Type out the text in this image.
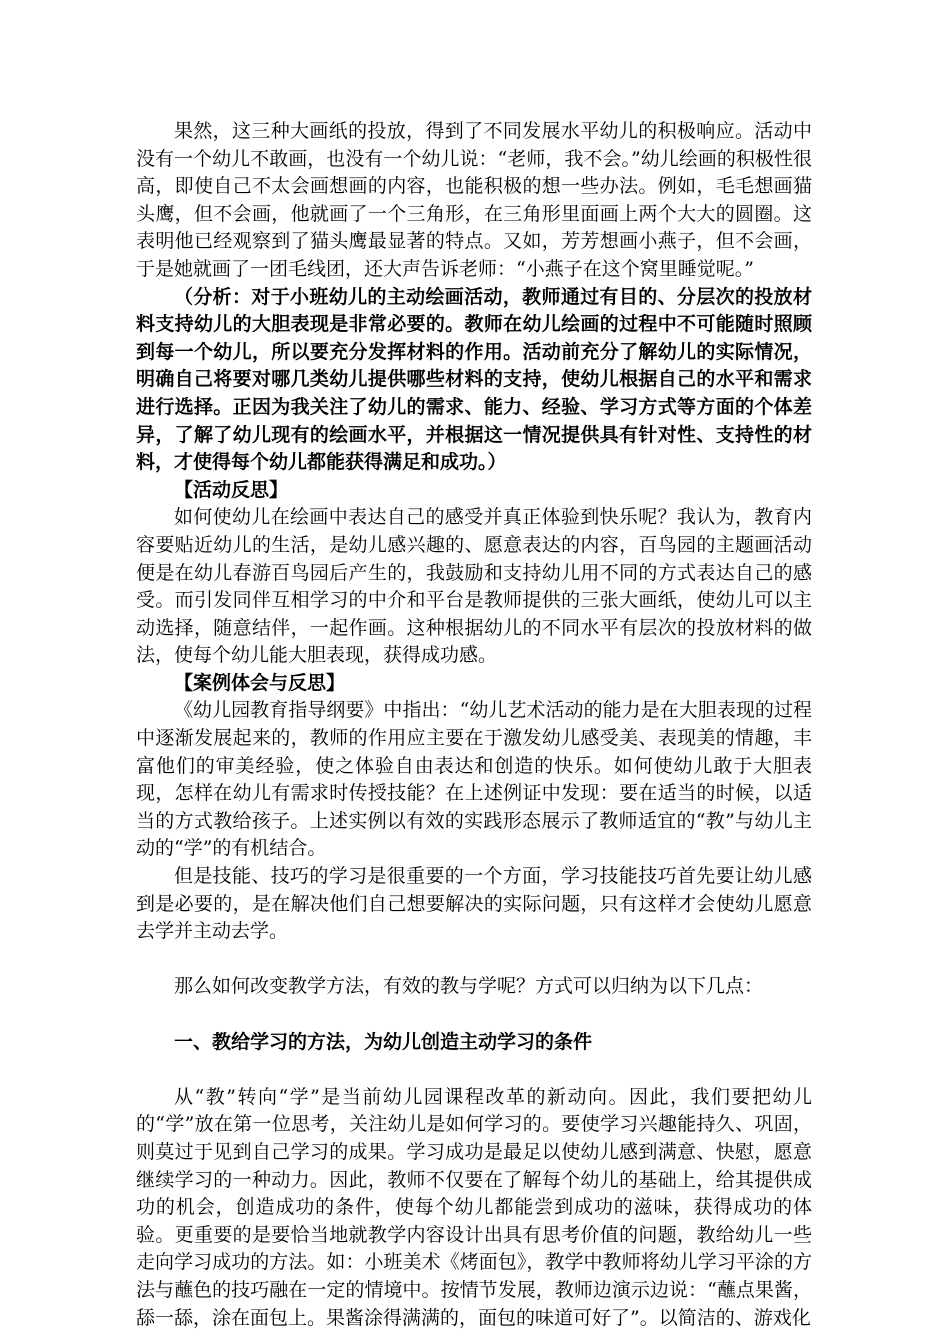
果然，这三种大画纸的投放，得到了不同发展水平幼儿的积极响应。活动中没有一个幼儿不敢画，也没有一个幼儿说：“老师，我不会。”幼儿绘画的积极性很高，即使自己不太会画想画的内容，也能积极的想一些办法。例如，毛毛想画猫头鹰，但不会画，他就画了一个三角形，在三角形里面画上两个大大的圆圈。这表明他已经观察到了猫头鹰最显著的特点。又如，芳芳想画小燕子，但不会画，于是她就画了一团毛线团，还大声告诉老师：“小燕子在这个窝里睡觉呢。”

（分析：对于小班幼儿的主动绘画活动，教师通过有目的、分层次的投放材料支持幼儿的大胆表现是非常必要的。教师在幼儿绘画的过程中不可能随时照顾到每一个幼儿，所以要充分发挥材料的作用。活动前充分了解幼儿的实际情况，明确自己将要对哪几类幼儿提供哪些材料的支持，使幼儿根据自己的水平和需求进行选择。正因为我关注了幼儿的需求、能力、经验、学习方式等方面的个体差异，了解了幼儿现有的绘画水平，并根据这一情况提供具有针对性、支持性的材料，才使得每个幼儿都能获得满足和成功。）

【活动反思】

如何使幼儿在绘画中表达自己的感受并真正体验到快乐呢？我认为，教育内容要贴近幼儿的生活，是幼儿感兴趣的、愿意表达的内容，百鸟园的主题画活动便是在幼儿春游百鸟园后产生的，我鼓励和支持幼儿用不同的方式表达自己的感受。而引发同伴互相学习的中介和平台是教师提供的三张大画纸，使幼儿可以主动选择，随意结伴，一起作画。这种根据幼儿的不同水平有层次的投放材料的做法，使每个幼儿能大胆表现，获得成功感。

【案例体会与反思】

《幼儿园教育指导纲要》中指出：“幼儿艺术活动的能力是在大胆表现的过程中逐渐发展起来的，教师的作用应主要在于激发幼儿感受美、表现美的情趣，丰富他们的审美经验，使之体验自由表达和创造的快乐。如何使幼儿敢于大胆表现，怎样在幼儿有需求时传授技能？在上述例证中发现：要在适当的时候，以适当的方式教给孩子。上述实例以有效的实践形态展示了教师适宜的“教”与幼儿主动的“学”的有机结合。

但是技能、技巧的学习是很重要的一个方面，学习技能技巧首先要让幼儿感到是必要的，是在解决他们自己想要解决的实际问题，只有这样才会使幼儿愿意去学并主动去学。

那么如何改变教学方法，有效的教与学呢？方式可以归纳为以下几点：

一、教给学习的方法，为幼儿创造主动学习的条件

从“教”转向“学”是当前幼儿园课程改革的新动向。因此，我们要把幼儿的“学”放在第一位思考，关注幼儿是如何学习的。要使学习兴趣能持久、巩固，则莫过于见到自己学习的成果。学习成功是最足以使幼儿感到满意、快慰，愿意继续学习的一种动力。因此，教师不仅要在了解每个幼儿的基础上，给其提供成功的机会，创造成功的条件，使每个幼儿都能尝到成功的滋味，获得成功的体验。更重要的是要恰当地就教学内容设计出具有思考价值的问题，教给幼儿一些走向学习成功的方法。如：小班美术《烤面包》，教学中教师将幼儿学习平涂的方法与蘸色的技巧融在一定的情境中。按情节发展，教师边演示边说：“蘸点果酱，舔一舔，涂在面包上。果酱涂得满满的，面包的味道可好了”。以简洁的、游戏化
